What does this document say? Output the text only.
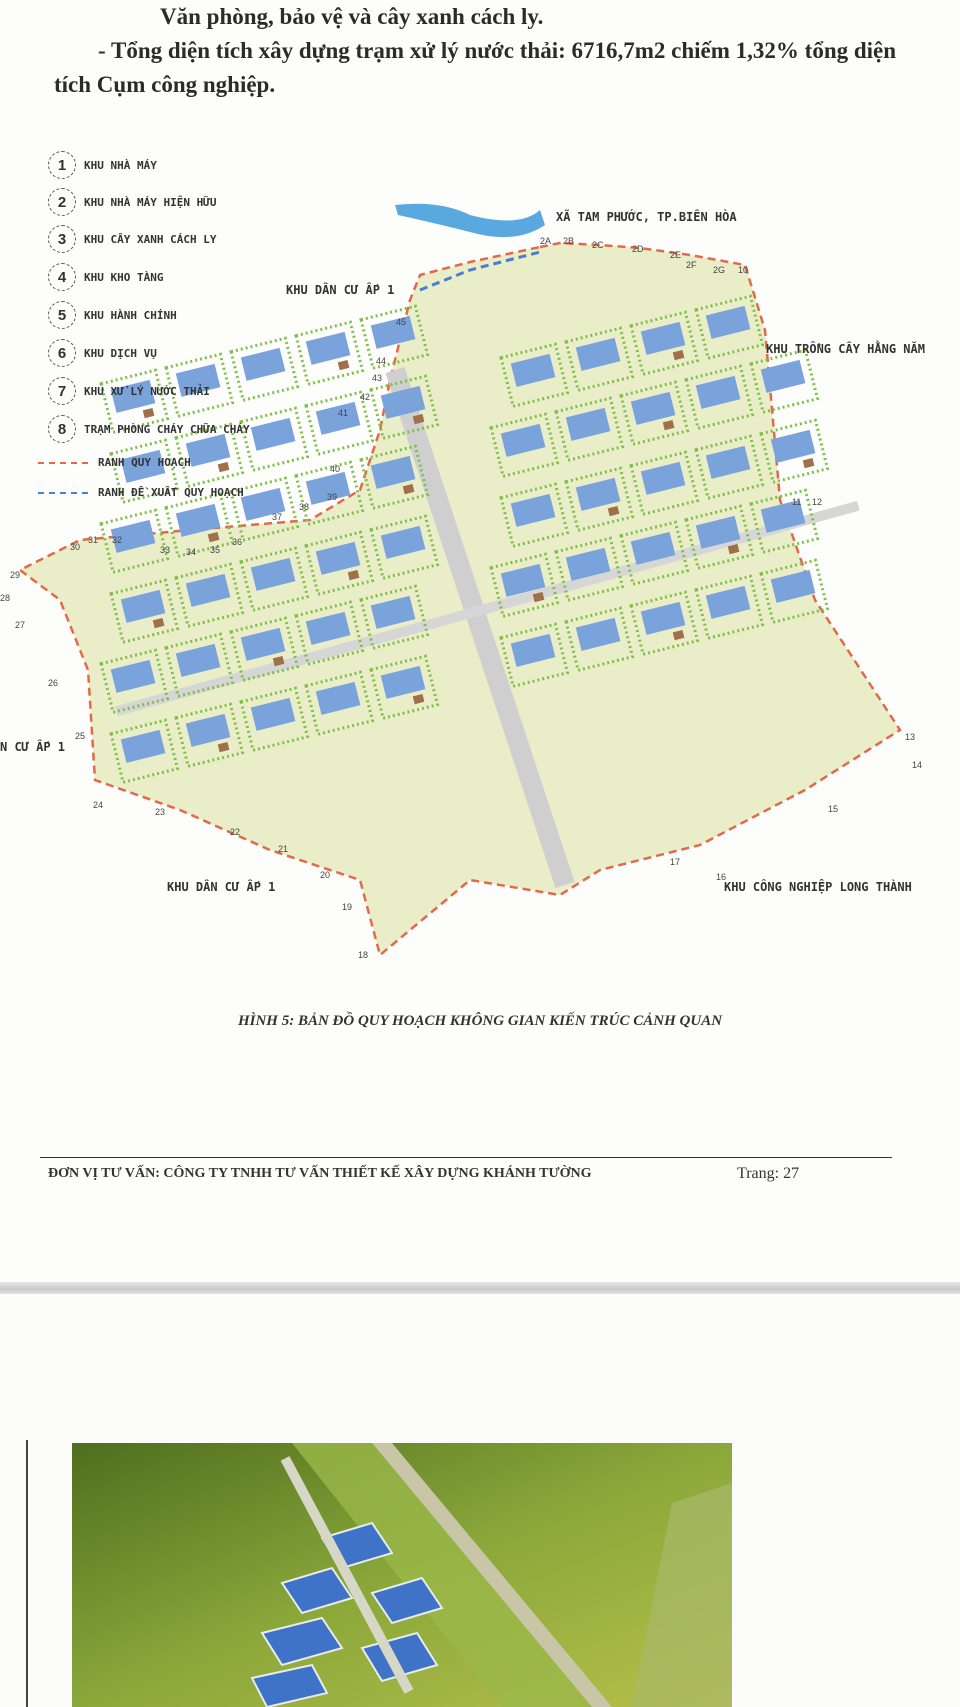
Văn phòng, bảo vệ và cây xanh cách ly.
- Tổng diện tích xây dựng trạm xử lý nước thải: 6716,7m2 chiếm 1,32% tổng diện
tích Cụm công nghiệp.
2A 2B 2C	2D
2E
2F 2G 10
11 12
13
14
15
16
17
18
19
20
21
22
23
24
25
26
27
28
29
30
31 32
33 34 35
36
37
38
39
40
41
42
43
44
45
XÃ TAM PHƯỚC, TP.BIÊN HÒA
KHU TRỒNG CÂY HẰNG NĂM
KHU DÂN CƯ ẤP 1
N CƯ ẤP 1
KHU DÂN CƯ ẤP 1	KHU CÔNG NGHIỆP LONG THÀNH
1	KHU NHÀ MÁY
2	KHU NHÀ MÁY HIỆN HỮU
3	KHU CÂY XANH CÁCH LY
4	KHU KHO TÀNG
5	KHU HÀNH CHÍNH
6	KHU DỊCH VỤ
7	KHU XỬ LÝ NƯỚC THẢI
8	TRẠM PHÒNG CHÁY CHỮA CHÁY
RANH QUY HOẠCH
RANH ĐỀ XUẤT QUY HOẠCH
HÌNH 5: BẢN ĐỒ QUY HOẠCH KHÔNG GIAN KIẾN TRÚC CẢNH QUAN
ĐƠN VỊ TƯ VẤN: CÔNG TY TNHH TƯ VẤN THIẾT KẾ XÂY DỰNG KHÁNH TƯỜNG	Trang: 27
